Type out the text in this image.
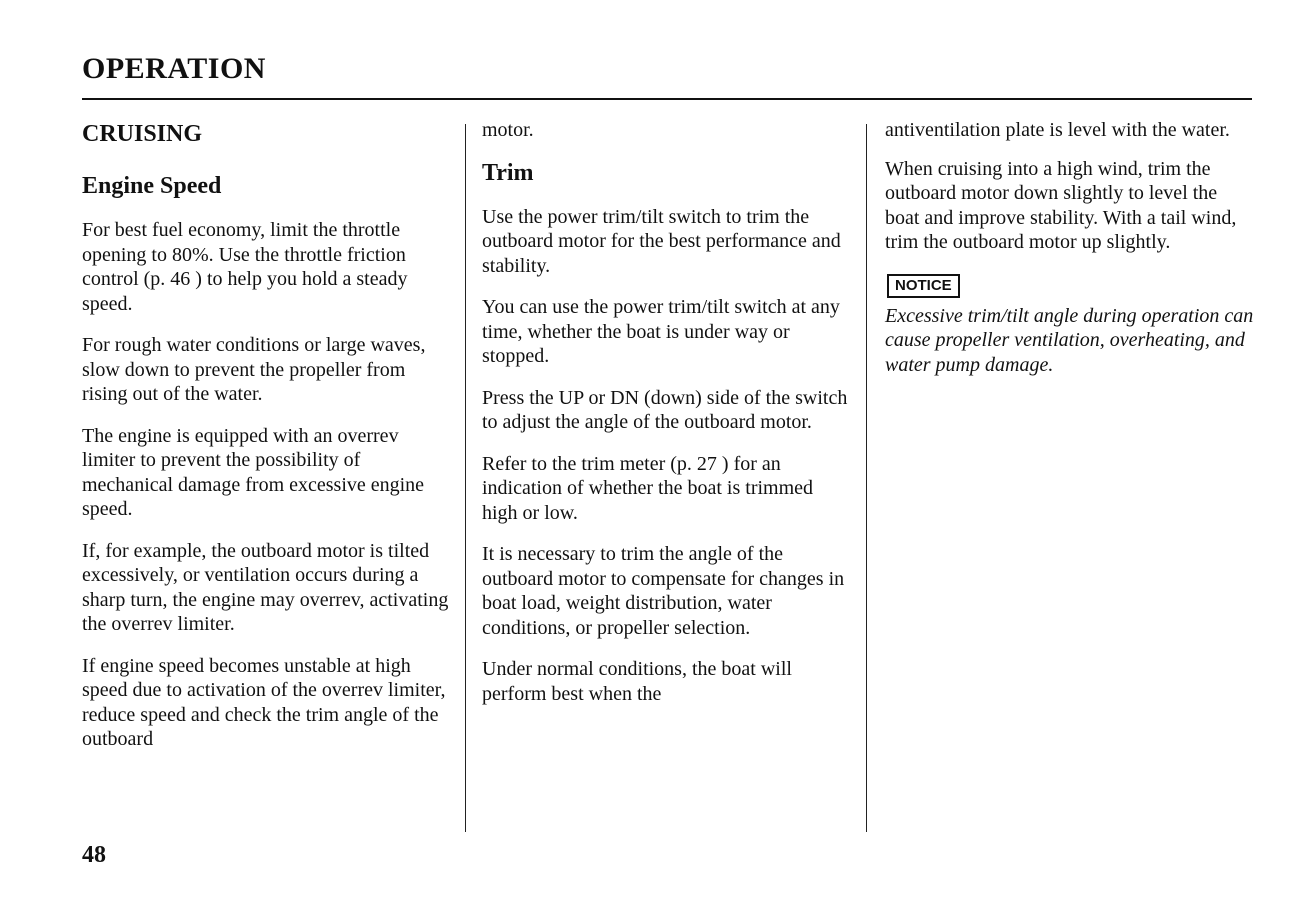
OPERATION
CRUISING
Engine Speed

For best fuel economy, limit the throttle opening to 80%. Use the throttle friction control (p. 46 ) to help you hold a steady speed.

For rough water conditions or large waves, slow down to prevent the propeller from rising out of the water.

The engine is equipped with an overrev limiter to prevent the possibility of mechanical damage from excessive engine speed.

If, for example, the outboard motor is tilted excessively, or ventilation occurs during a sharp turn, the engine may overrev, activating the overrev limiter.

If engine speed becomes unstable at high speed due to activation of the overrev limiter, reduce speed and check the trim angle of the outboard

motor.

Trim

Use the power trim/tilt switch to trim the outboard motor for the best performance and stability.

You can use the power trim/tilt switch at any time, whether the boat is under way or stopped.

Press the UP or DN (down) side of the switch to adjust the angle of the outboard motor.

Refer to the trim meter (p. 27 ) for an indication of whether the boat is trimmed high or low.

It is necessary to trim the angle of the outboard motor to compensate for changes in boat load, weight distribution, water conditions, or propeller selection.

Under normal conditions, the boat will perform best when the

antiventilation plate is level with the water.

When cruising into a high wind, trim the outboard motor down slightly to level the boat and improve stability. With a tail wind, trim the outboard motor up slightly.

NOTICE

Excessive trim/tilt angle during operation can cause propeller ventilation, overheating, and water pump damage.

48
